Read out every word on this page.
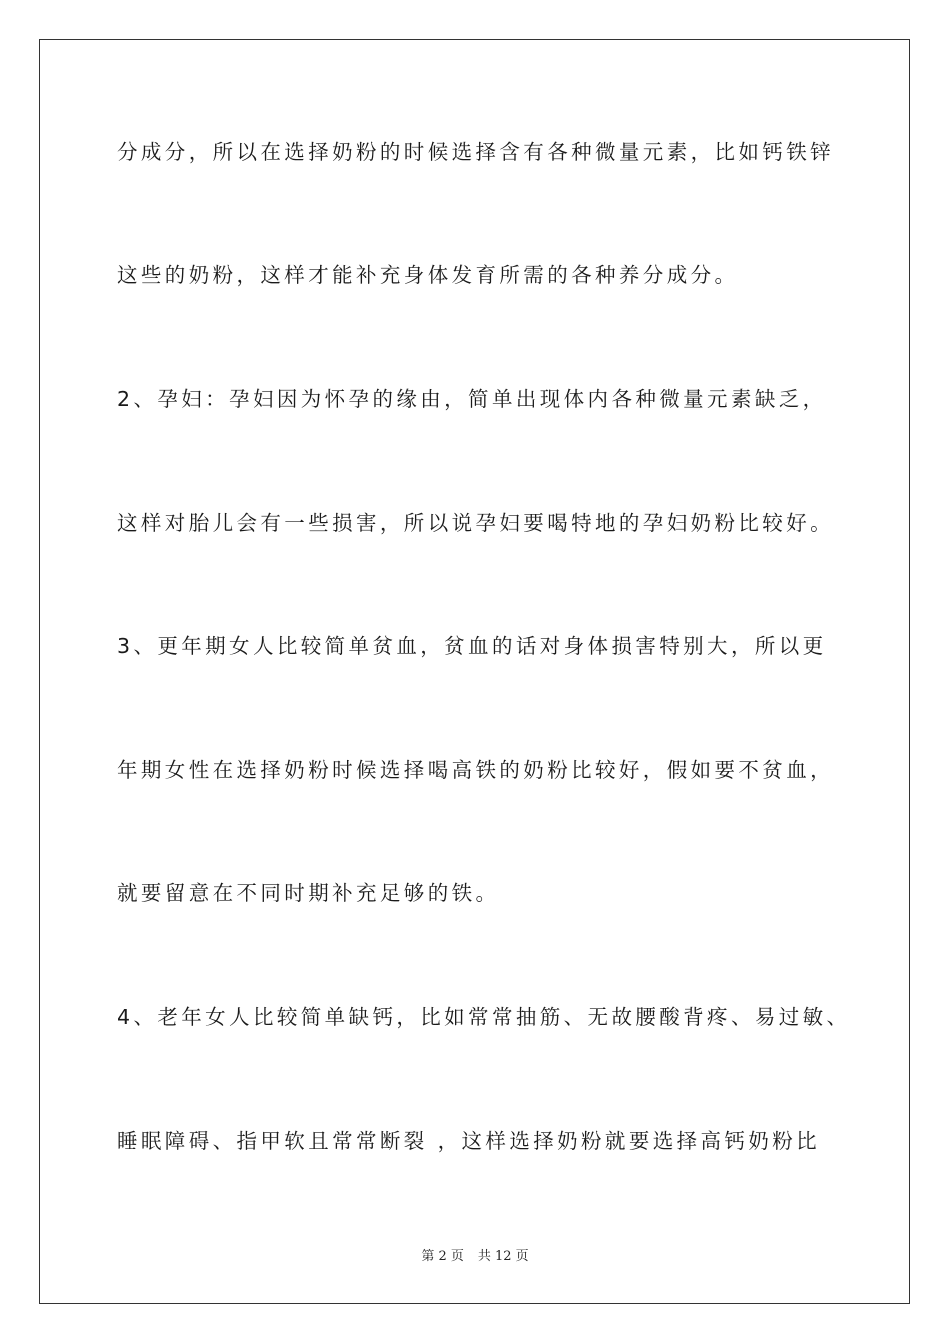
分成分，所以在选择奶粉的时候选择含有各种微量元素，比如钙铁锌

这些的奶粉，这样才能补充身体发育所需的各种养分成分。

2、孕妇：孕妇因为怀孕的缘由，简单出现体内各种微量元素缺乏，

这样对胎儿会有一些损害，所以说孕妇要喝特地的孕妇奶粉比较好。

3、更年期女人比较简单贫血，贫血的话对身体损害特别大，所以更

年期女性在选择奶粉时候选择喝高铁的奶粉比较好，假如要不贫血，

就要留意在不同时期补充足够的铁。

4、老年女人比较简单缺钙，比如常常抽筋、无故腰酸背疼、易过敏、

睡眠障碍、指甲软且常常断裂 ，这样选择奶粉就要选择高钙奶粉比

第 2 页 共 12 页
